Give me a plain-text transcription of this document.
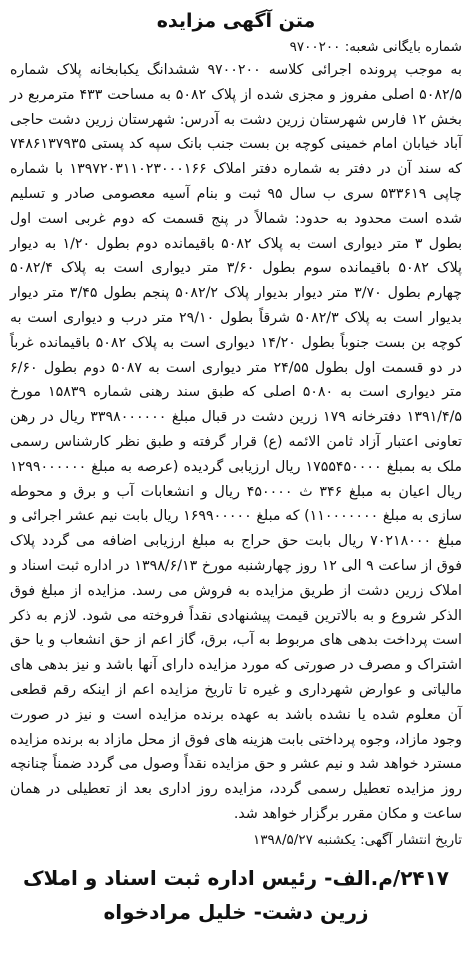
متن آگهی مزایده
شماره بایگانی شعبه: ۹۷۰۰۲۰۰

به موجب پرونده اجرائی کلاسه ۹۷۰۰۲۰۰ ششدانگ یکبابخانه پلاک شماره ۵۰۸۲/۵ اصلی مفروز و مجزی شده از پلاک ۵۰۸۲ به مساحت ۴۳۳ مترمربع در بخش ۱۲ فارس شهرستان زرین دشت به آدرس: شهرستان زرین دشت حاجی آباد خیابان امام خمینی کوچه بن بست جنب بانک سپه کد پستی ۷۴۸۶۱۳۷۹۳۵ که سند آن در دفتر به شماره دفتر املاک ۱۳۹۷۲۰۳۱۱۰۲۳۰۰۰۱۶۶ با شماره چاپی ۵۳۳۶۱۹ سری ب سال ۹۵ ثبت و بنام آسیه معصومی صادر و تسلیم شده است محدود به حدود: شمالاً در پنج قسمت که دوم غربی است اول بطول ۳ متر دیواری است به پلاک ۵۰۸۲ باقیمانده دوم بطول ۱/۲۰ به دیوار پلاک ۵۰۸۲ باقیمانده سوم بطول ۳/۶۰ متر دیواری است به پلاک ۵۰۸۲/۴ چهارم بطول ۳/۷۰ متر دیوار بدیوار پلاک ۵۰۸۲/۲ پنجم بطول ۳/۴۵ متر دیوار بدیوار است به پلاک ۵۰۸۲/۳ شرقاً بطول ۲۹/۱۰ متر درب و دیواری است به کوچه بن بست جنوباً بطول ۱۴/۲۰ دیواری است به پلاک ۵۰۸۲ باقیمانده غرباً در دو قسمت اول بطول ۲۴/۵۵ متر دیواری است به ۵۰۸۷ دوم بطول ۶/۶۰ متر دیواری است به ۵۰۸۰ اصلی که طبق سند رهنی شماره ۱۵۸۳۹ مورخ ۱۳۹۱/۴/۵ دفترخانه ۱۷۹ زرین دشت در قبال مبلغ ۳۳۹۸۰۰۰۰۰۰ ریال در رهن تعاونی اعتبار آزاد ثامن الائمه (ع) قرار گرفته و طبق نظر کارشناس رسمی ملک به بمبلغ ۱۷۵۵۴۵۰۰۰۰ ریال ارزیابی گردیده (عرصه به مبلغ ۱۲۹۹۰۰۰۰۰۰ ریال اعیان به مبلغ ۳۴۶ ث ۴۵۰۰۰۰ ریال و انشعابات آب و برق و محوطه سازی به مبلغ ۱۱۰۰۰۰۰۰۰) که مبلغ ۱۶۹۹۰۰۰۰۰ ریال بابت نیم عشر اجرائی و مبلغ ۷۰۲۱۸۰۰۰ ریال بابت حق حراج به مبلغ ارزیابی اضافه می گردد پلاک فوق از ساعت ۹ الی ۱۲ روز چهارشنبه مورخ ۱۳۹۸/۶/۱۳ در اداره ثبت اسناد و املاک زرین دشت از طریق مزایده به فروش می رسد. مزایده از مبلغ فوق الذکر شروع و به بالاترین قیمت پیشنهادی نقداً فروخته می شود. لازم به ذکر است پرداخت بدهی های مربوط به آب، برق، گاز اعم از حق انشعاب و یا حق اشتراک و مصرف در صورتی که مورد مزایده دارای آنها باشد و نیز بدهی های مالیاتی و عوارض شهرداری و غیره تا تاریخ مزایده اعم از اینکه رقم قطعی آن معلوم شده یا نشده باشد به عهده برنده مزایده است و نیز در صورت وجود مازاد، وجوه پرداختی بابت هزینه های فوق از محل مازاد به برنده مزایده مسترد خواهد شد و نیم عشر و حق مزایده نقداً وصول می گردد ضمناً چنانچه روز مزایده تعطیل رسمی گردد، مزایده روز اداری بعد از تعطیلی در همان ساعت و مکان مقرر برگزار خواهد شد.

تاریخ انتشار آگهی: یکشنبه ۱۳۹۸/۵/۲۷
۲۴۱۷/م.الف- رئیس اداره ثبت اسناد و املاک
زرین دشت- خلیل مرادخواه
